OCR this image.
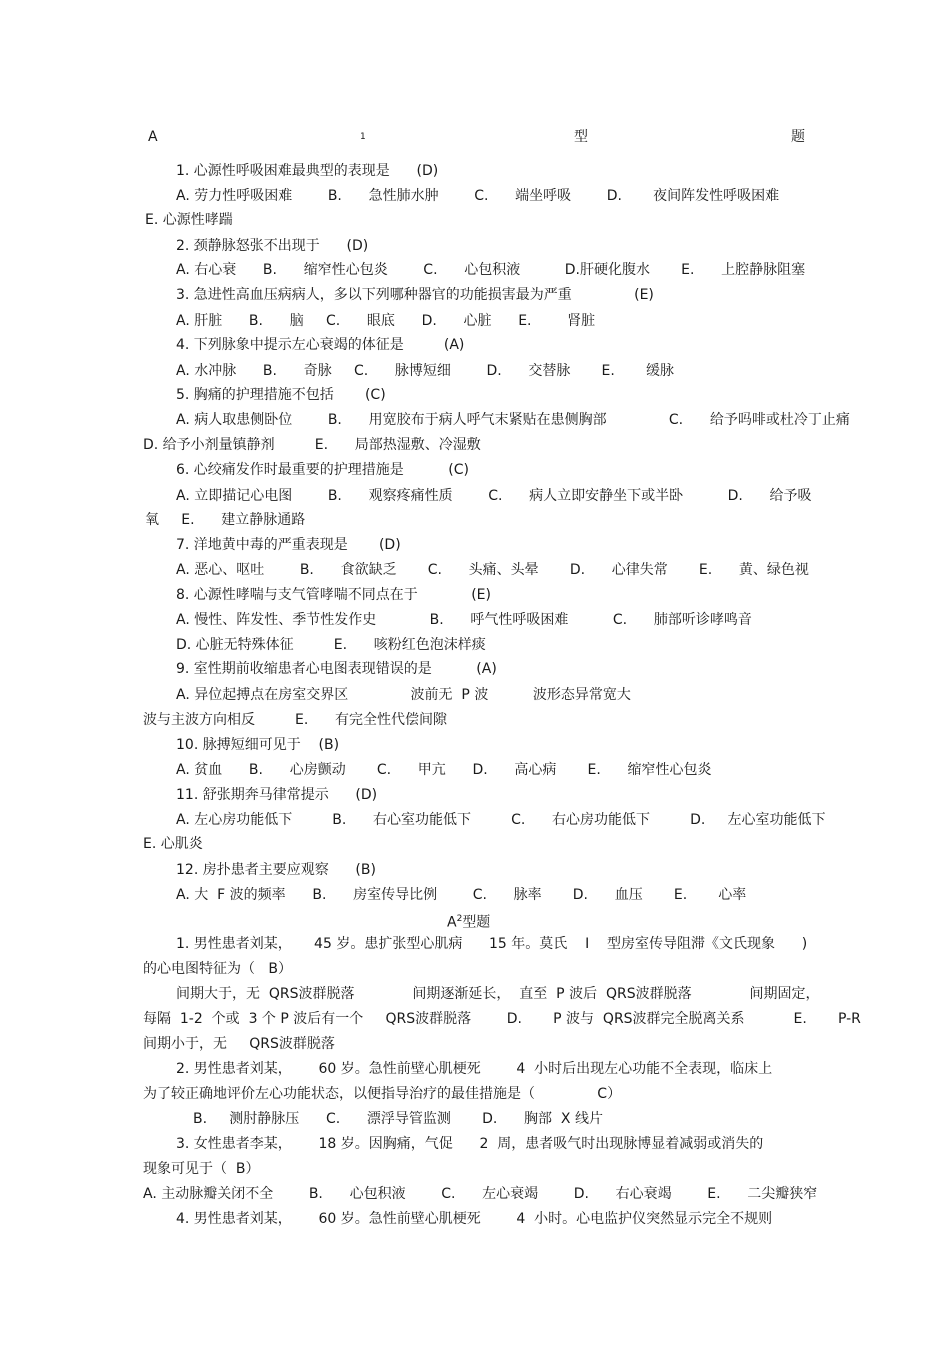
A	1	型	题
1. 心源性呼吸困难最典型的表现是      (D)
A. 劳力性呼吸困难        B.      急性肺水肿        C.      端坐呼吸        D.       夜间阵发性呼吸困难
E. 心源性哮踹
2. 颈静脉怒张不出现于      (D)
A. 右心衰      B.      缩窄性心包炎        C.      心包积液          D.肝硬化腹水       E.      上腔静脉阻塞
3. 急进性高血压病病人，多以下列哪种器官的功能损害最为严重              (E)
A. 肝脏      B.      脑     C.      眼底      D.      心脏      E.        肾脏
4. 下列脉象中提示左心衰竭的体征是         (A)
A. 水冲脉      B.      奇脉     C.      脉博短细        D.      交替脉       E.       缓脉
5. 胸痛的护理措施不包括       (C)
A. 病人取患侧卧位        B.      用宽胶布于病人呼气末紧贴在患侧胸部              C.      给予吗啡或杜冷丁止痛
D. 给予小剂量镇静剂         E.      局部热湿敷、冷湿敷
6. 心绞痛发作时最重要的护理措施是          (C)
A. 立即描记心电图        B.      观察疼痛性质        C.      病人立即安静坐下或半卧          D.      给予吸
氧     E.      建立静脉通路
7. 洋地黄中毒的严重表现是       (D)
A. 恶心、呕吐        B.      食欲缺乏       C.      头痛、头晕       D.      心律失常       E.      黄、绿色视
8. 心源性哮喘与支气管哮喘不同点在于            (E)
A. 慢性、阵发性、季节性发作史            B.      呼气性呼吸困难          C.      肺部听诊哮鸣音
D. 心脏无特殊体征         E.      咳粉红色泡沫样痰
9. 室性期前收缩患者心电图表现错误的是          (A)
A. 异位起搏点在房室交界区              波前无  P 波          波形态异常宽大
波与主波方向相反         E.      有完全性代偿间隙
10. 脉搏短细可见于    (B)
A. 贫血      B.      心房颤动       C.      甲亢      D.      高心病       E.      缩窄性心包炎
11. 舒张期奔马律常提示      (D)
A. 左心房功能低下         B.      右心室功能低下         C.      右心房功能低下         D.     左心室功能低下
E. 心肌炎
12. 房扑患者主要应观察      (B)
A. 大  F 波的频率      B.      房室传导比例        C.      脉率       D.      血压       E.       心率
$A^2$型题
1. 男性患者刘某，     45 岁。患扩张型心肌病      15 年。莫氏    I    型房室传导阻滞《文氏现象      )
的心电图特征为（   B）
间期大于，无  QRS波群脱落             间期逐渐延长，  直至  P 波后  QRS波群脱落             间期固定，
每隔  1-2  个或  3 个 P 波后有一个     QRS波群脱落        D.       P 波与  QRS波群完全脱离关系           E.       P-R
间期小于，无     QRS波群脱落
2. 男性患者刘某，      60 岁。急性前壁心肌梗死        4  小时后出现左心功能不全表现，临床上
为了较正确地评价左心功能状态，以便指导治疗的最佳措施是（              C）
B.     测肘静脉压      C.      漂浮导管监测       D.      胸部  X 线片
3. 女性患者李某，      18 岁。因胸痛，气促      2  周，患者吸气时出现脉博显着减弱或消失的
现象可见于（  B）
A. 主动脉瓣关闭不全        B.      心包积液        C.      左心衰竭        D.      右心衰竭        E.      二尖瓣狭窄
4. 男性患者刘某，      60 岁。急性前壁心肌梗死        4  小时。心电监护仪突然显示完全不规则
